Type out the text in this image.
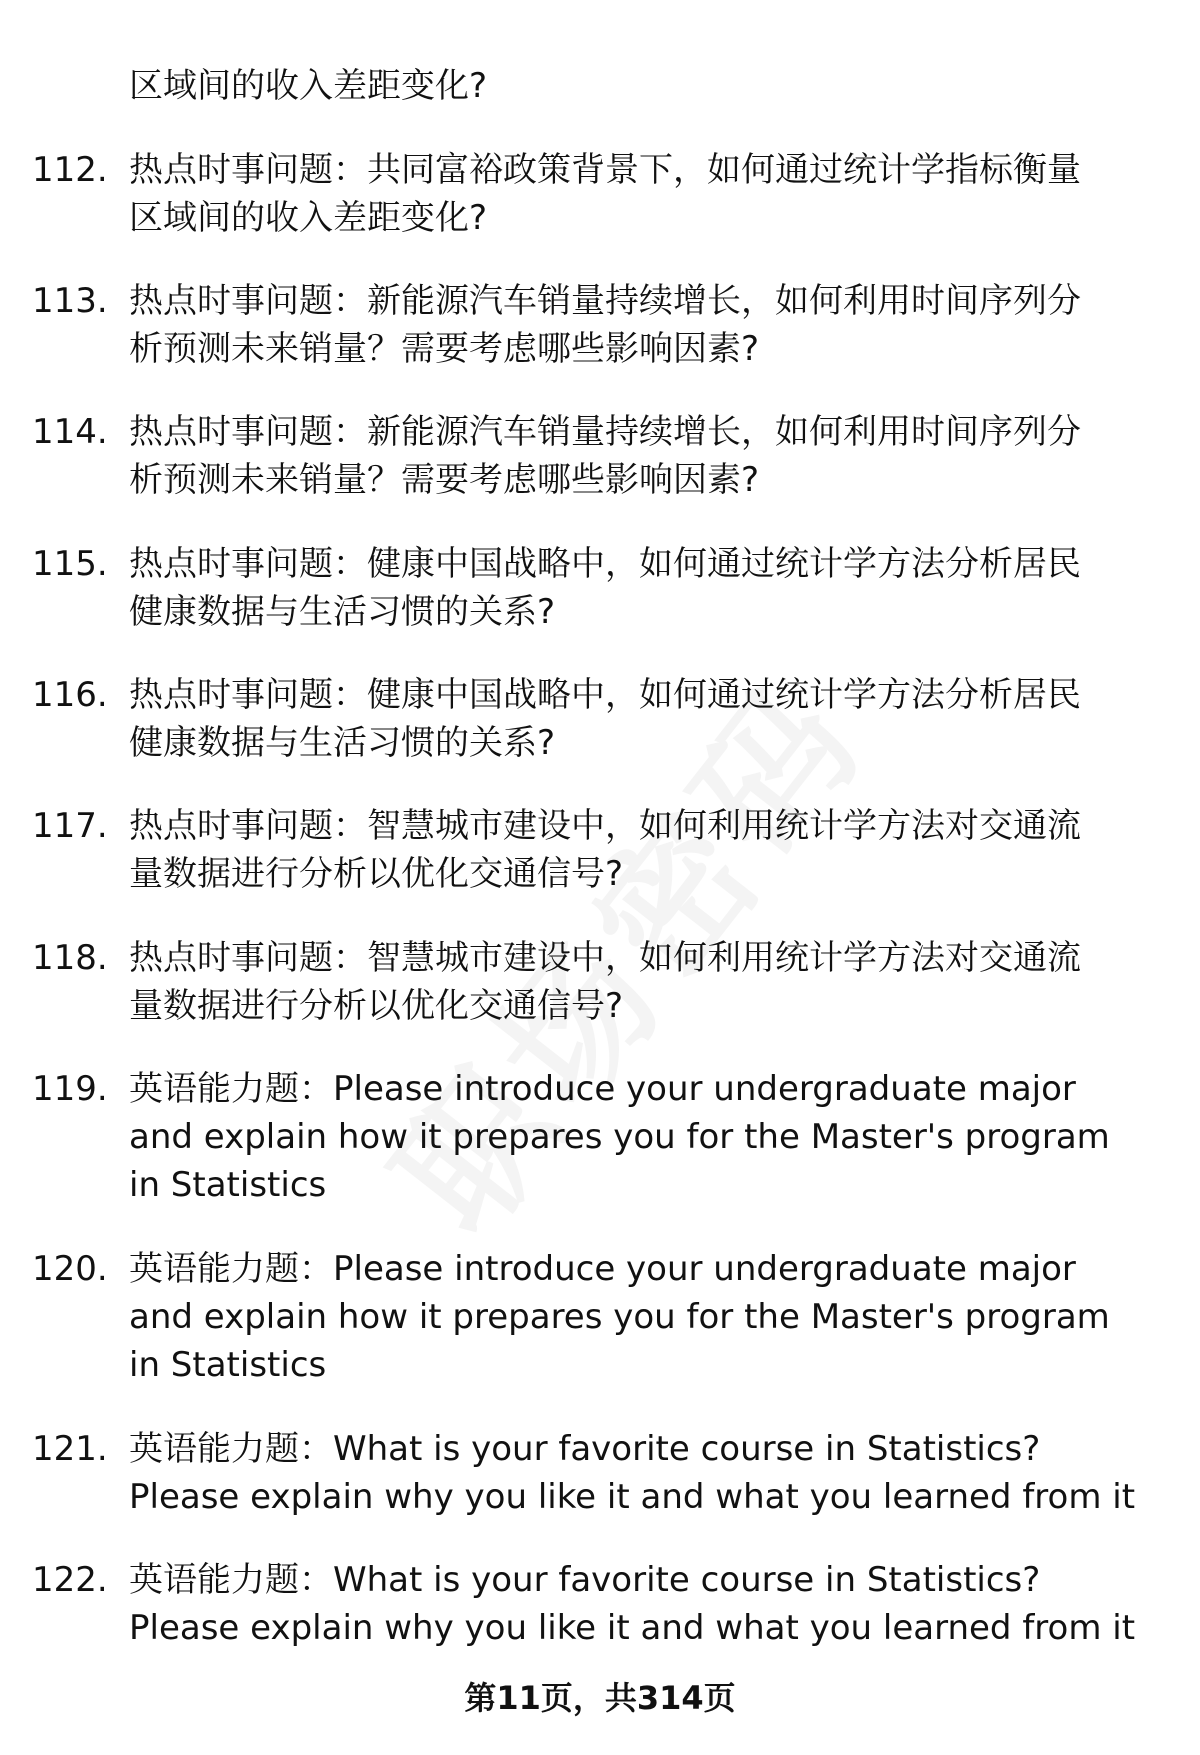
区域间的收入差距变化?
112. 热点时事问题：共同富裕政策背景下，如何通过统计学指标衡量
区域间的收入差距变化?
113. 热点时事问题：新能源汽车销量持续增长，如何利用时间序列分
析预测未来销量？需要考虑哪些影响因素?
114. 热点时事问题：新能源汽车销量持续增长，如何利用时间序列分
析预测未来销量？需要考虑哪些影响因素?
115. 热点时事问题：健康中国战略中，如何通过统计学方法分析居民
健康数据与生活习惯的关系?
116. 热点时事问题：健康中国战略中，如何通过统计学方法分析居民
健康数据与生活习惯的关系?
117. 热点时事问题：智慧城市建设中，如何利用统计学方法对交通流
量数据进行分析以优化交通信号?
118. 热点时事问题：智慧城市建设中，如何利用统计学方法对交通流
量数据进行分析以优化交通信号?
119. 英语能力题：Please introduce your undergraduate major
and explain how it prepares you for the Master's program
in Statistics
120. 英语能力题：Please introduce your undergraduate major
and explain how it prepares you for the Master's program
in Statistics
121. 英语能力题：What is your favorite course in Statistics?
Please explain why you like it and what you learned from it
122. 英语能力题：What is your favorite course in Statistics?
Please explain why you like it and what you learned from it
第11页，共314页
